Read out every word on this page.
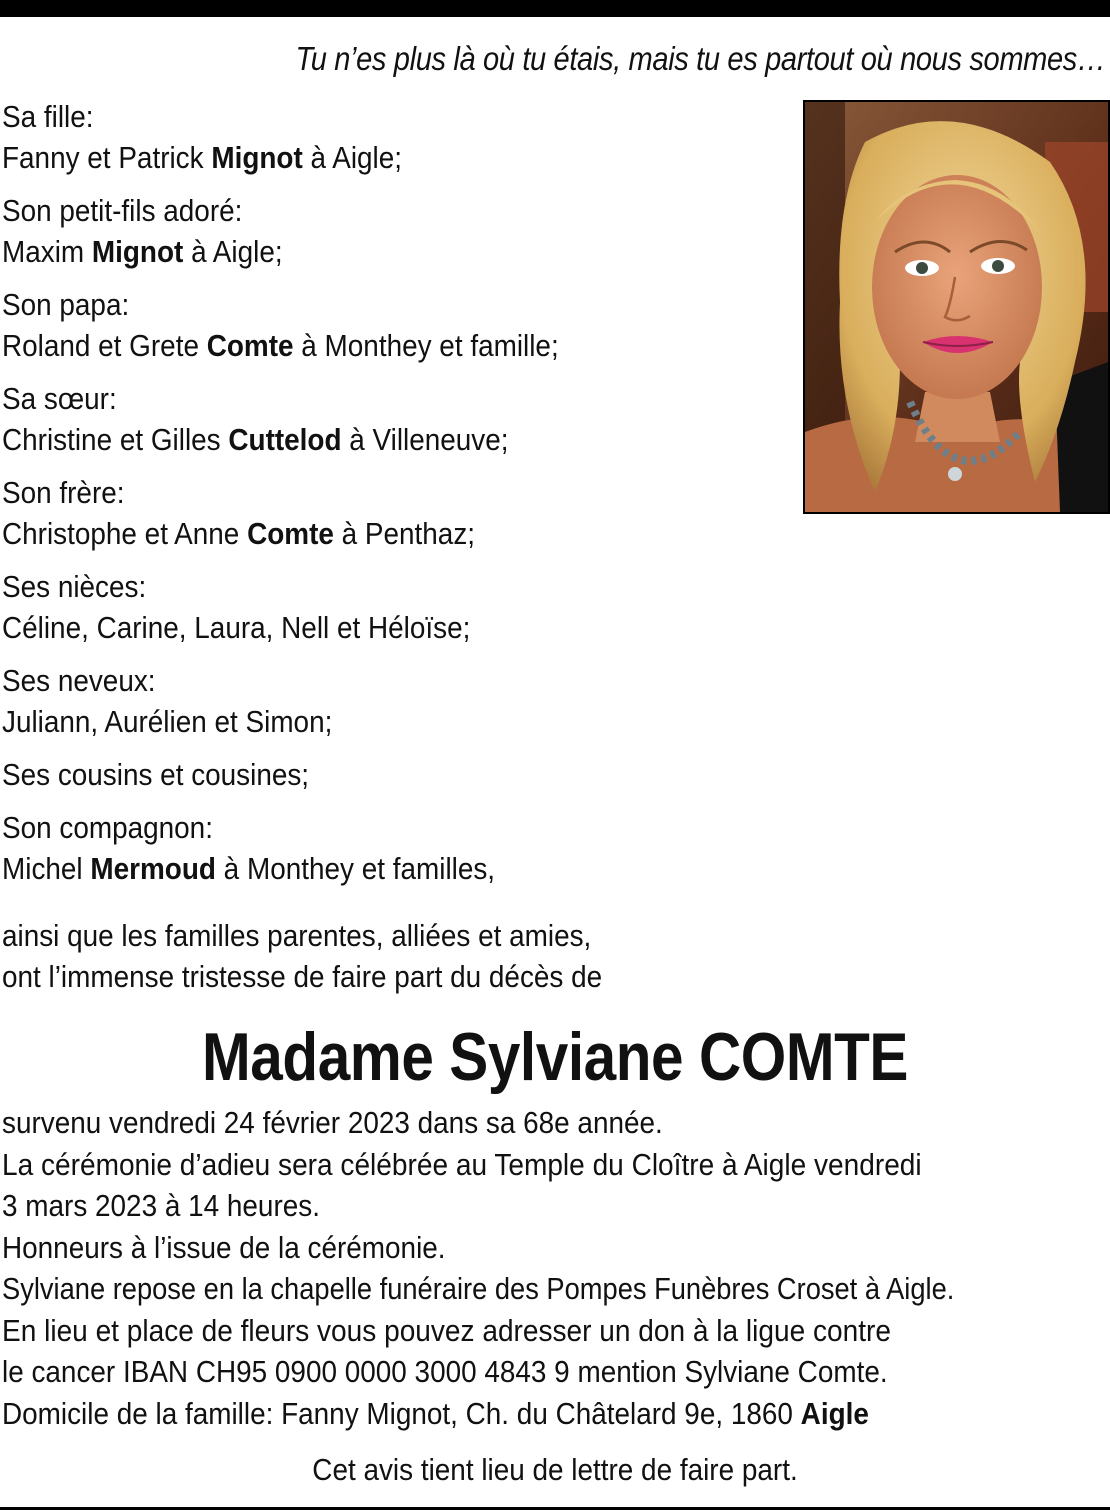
Tu n’es plus là où tu étais, mais tu es partout où nous sommes…
Sa fille:
Fanny et Patrick Mignot à Aigle;
Son petit-fils adoré:
Maxim Mignot à Aigle;
Son papa:
Roland et Grete Comte à Monthey et famille;
Sa sœur:
Christine et Gilles Cuttelod à Villeneuve;
Son frère:
Christophe et Anne Comte à Penthaz;
Ses nièces:
Céline, Carine, Laura, Nell et Héloïse;
Ses neveux:
Juliann, Aurélien et Simon;
Ses cousins et cousines;
Son compagnon:
Michel Mermoud à Monthey et familles,
ainsi que les familles parentes, alliées et amies,
ont l’immense tristesse de faire part du décès de
Madame Sylviane COMTE
survenu vendredi 24 février 2023 dans sa 68e année.
La cérémonie d’adieu sera célébrée au Temple du Cloître à Aigle vendredi
3 mars 2023 à 14 heures.
Honneurs à l’issue de la cérémonie.
Sylviane repose en la chapelle funéraire des Pompes Funèbres Croset à Aigle.
En lieu et place de fleurs vous pouvez adresser un don à la ligue contre
le cancer IBAN CH95 0900 0000 3000 4843 9 mention Sylviane Comte.
Domicile de la famille: Fanny Mignot, Ch. du Châtelard 9e, 1860 Aigle
Cet avis tient lieu de lettre de faire part.
